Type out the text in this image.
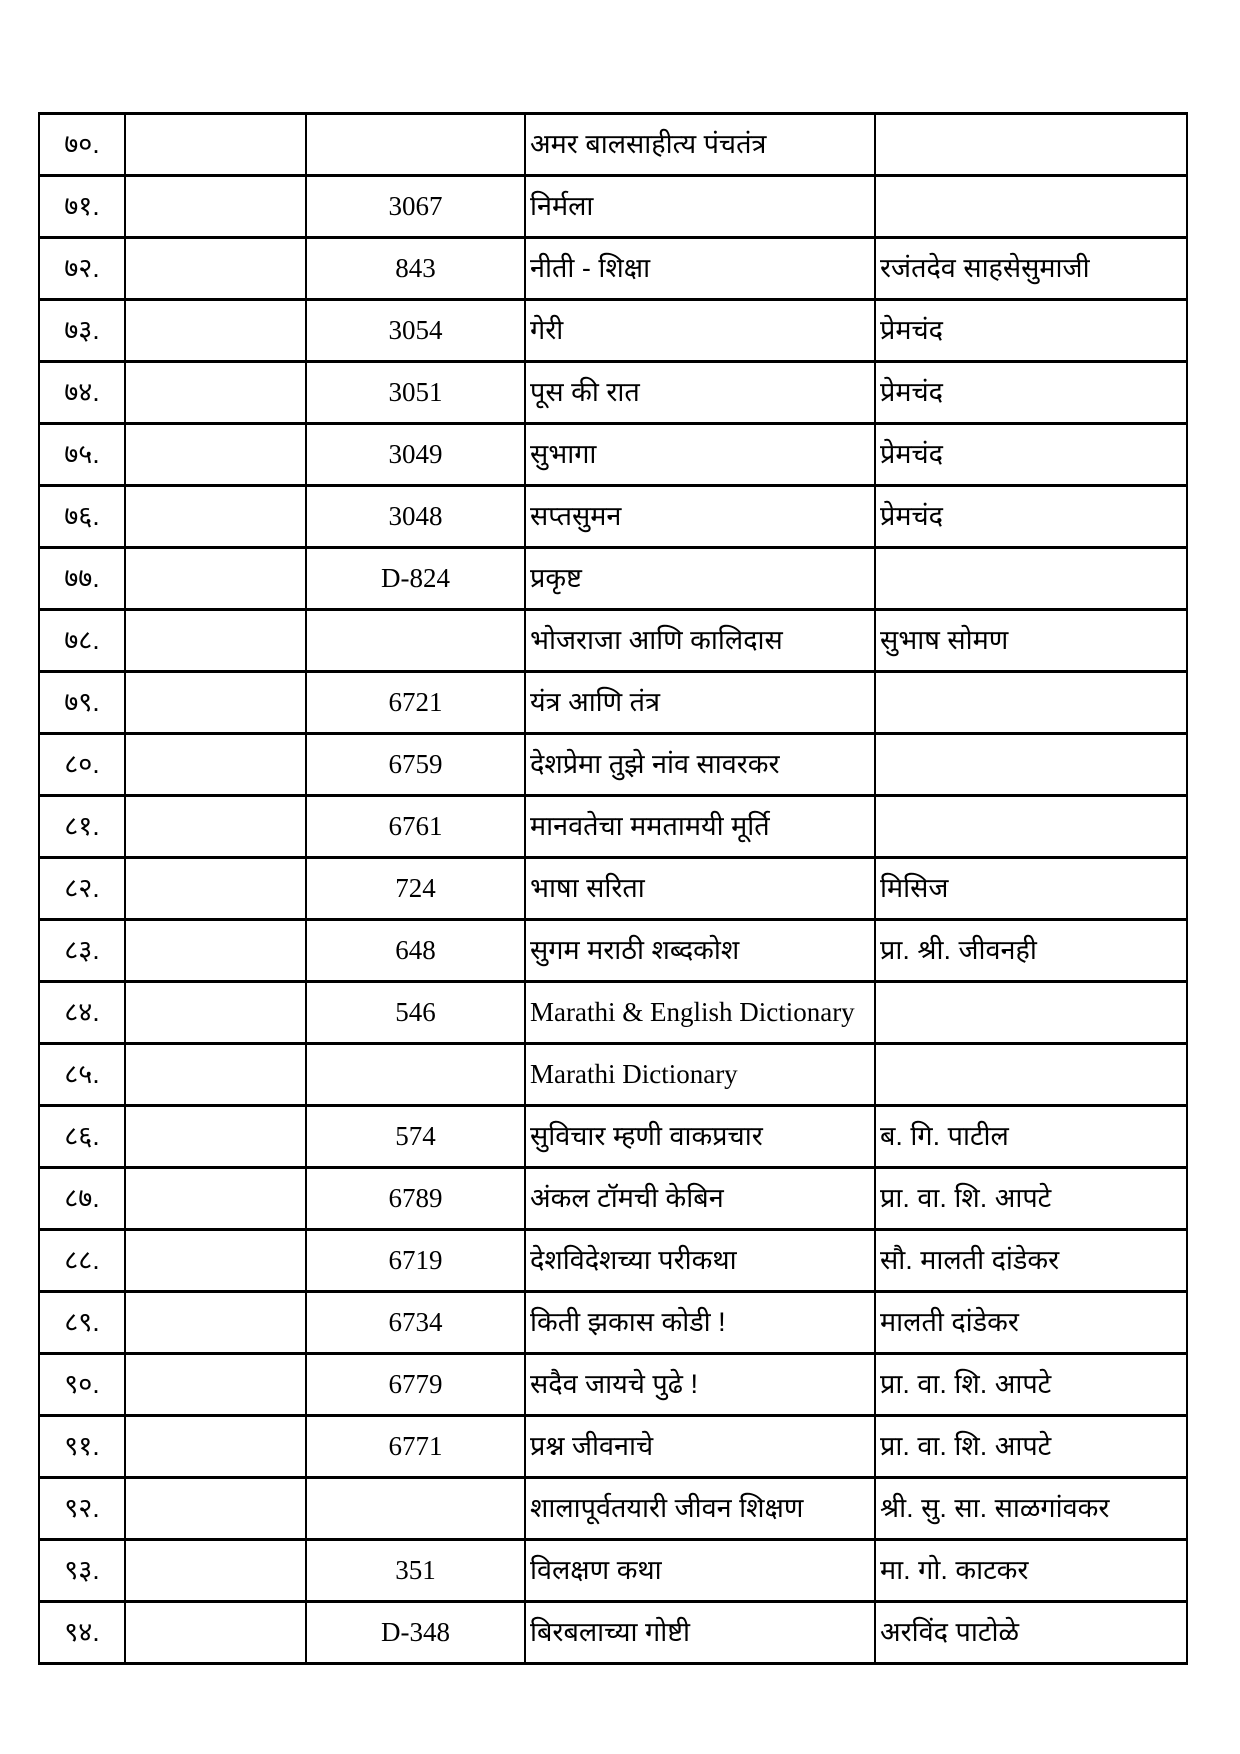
७०.			अमर बालसाहीत्य पंचतंत्र	
७१.		3067	निर्मला	
७२.		843	नीती - शिक्षा	रजंतदेव साहसेसुमाजी
७३.		3054	गेरी	प्रेमचंद
७४.		3051	पूस की रात	प्रेमचंद
७५.		3049	सुभागा	प्रेमचंद
७६.		3048	सप्तसुमन	प्रेमचंद
७७.		D-824	प्रकृष्ट	
७८.			भोजराजा आणि कालिदास	सुभाष सोमण
७९.		6721	यंत्र आणि तंत्र	
८०.		6759	देशप्रेमा तुझे नांव सावरकर	
८१.		6761	मानवतेचा ममतामयी मूर्ति	
८२.		724	भाषा सरिता	मिसिज
८३.		648	सुगम मराठी शब्दकोश	प्रा. श्री. जीवनही
८४.		546	Marathi & English Dictionary	
८५.			Marathi Dictionary	
८६.		574	सुविचार म्हणी वाकप्रचार	ब. गि. पाटील
८७.		6789	अंकल टॉमची केबिन	प्रा. वा. शि. आपटे
८८.		6719	देशविदेशच्या परीकथा	सौ. मालती दांडेकर
८९.		6734	किती झकास कोडी !	मालती दांडेकर
९०.		6779	सदैव जायचे पुढे !	प्रा. वा. शि. आपटे
९१.		6771	प्रश्न जीवनाचे	प्रा. वा. शि. आपटे
९२.			शालापूर्वतयारी जीवन शिक्षण	श्री. सु. सा. साळगांवकर
९३.		351	विलक्षण कथा	मा. गो. काटकर
९४.		D-348	बिरबलाच्या गोष्टी	अरविंद पाटोळे
